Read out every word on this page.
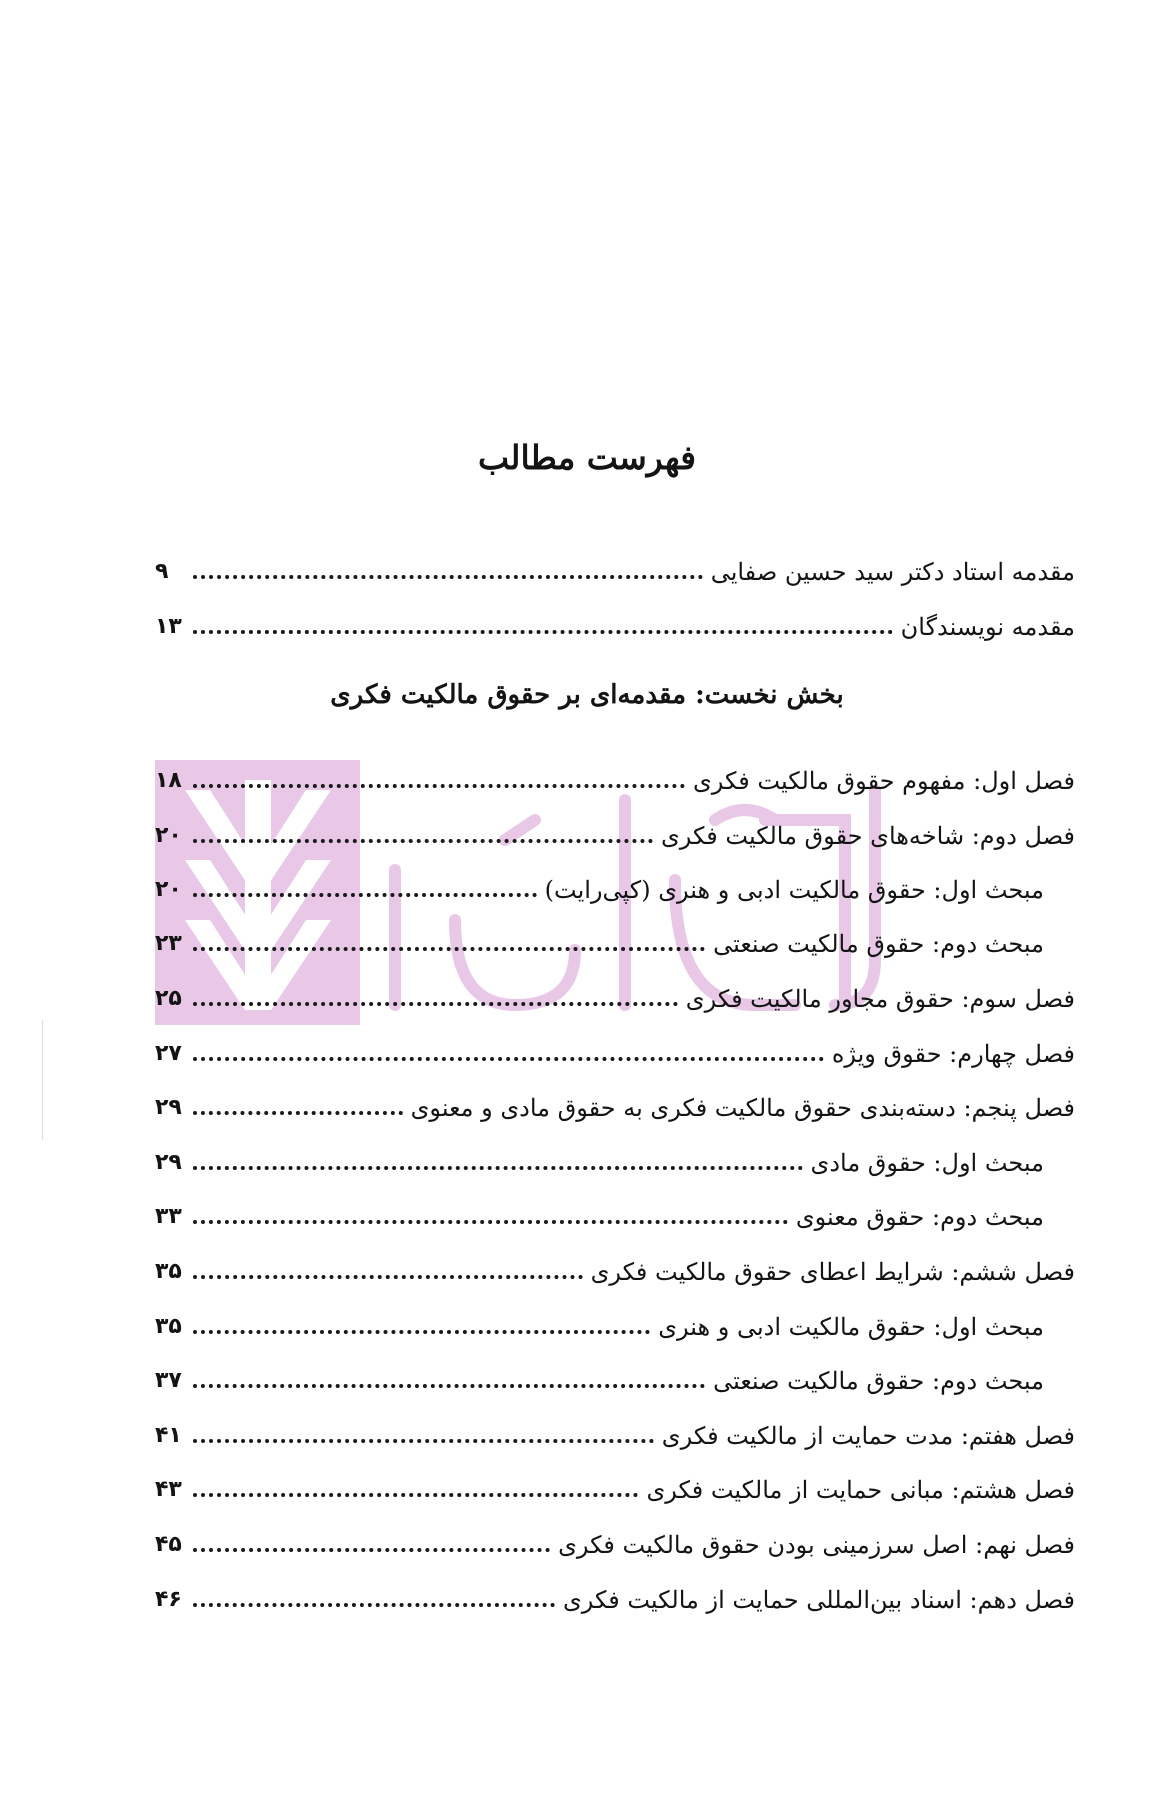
فهرست مطالب
مقدمه استاد دکتر سید حسین صفایی
۹
مقدمه نویسندگان
۱۳
بخش نخست: مقدمه‌ای بر حقوق مالکیت فکری
فصل اول: مفهوم حقوق مالکیت فکری
۱۸
فصل دوم: شاخه‌های حقوق مالکیت فکری
۲۰
مبحث اول: حقوق مالکیت ادبی و هنری (کپی‌رایت)
۲۰
مبحث دوم: حقوق مالکیت صنعتی
۲۳
فصل سوم: حقوق مجاور مالکیت فکری
۲۵
فصل چهارم: حقوق ویژه
۲۷
فصل پنجم: دسته‌بندی حقوق مالکیت فکری به حقوق مادی و معنوی
۲۹
مبحث اول: حقوق مادی
۲۹
مبحث دوم: حقوق معنوی
۳۳
فصل ششم: شرایط اعطای حقوق مالکیت فکری
۳۵
مبحث اول: حقوق مالکیت ادبی و هنری
۳۵
مبحث دوم: حقوق مالکیت صنعتی
۳۷
فصل هفتم: مدت حمایت از مالکیت فکری
۴۱
فصل هشتم: مبانی حمایت از مالکیت فکری
۴۳
فصل نهم: اصل سرزمینی بودن حقوق مالکیت فکری
۴۵
فصل دهم: اسناد بین‌المللی حمایت از مالکیت فکری
۴۶
